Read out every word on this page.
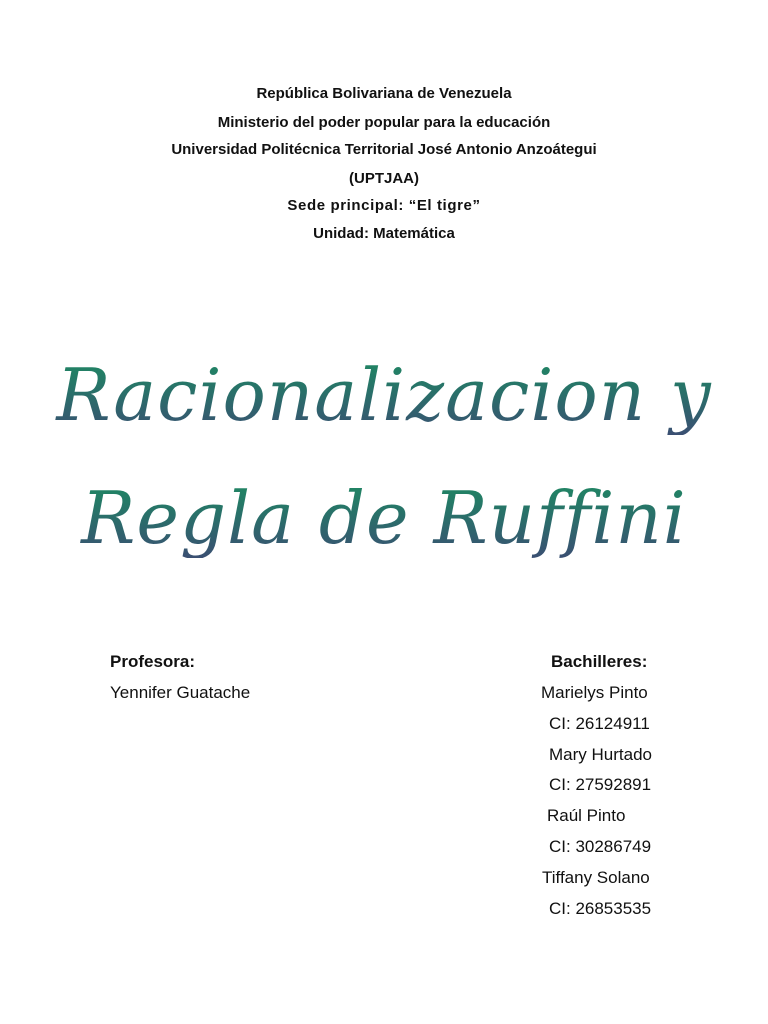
República Bolivariana de Venezuela
Ministerio del poder popular para la educación
Universidad Politécnica Territorial José Antonio Anzoátegui
(UPTJAA)
Sede principal: “El tigre”
Unidad: Matemática
Racionalizacion y
Regla de Ruffini
Profesora:
Yennifer Guatache
Bachilleres:
Marielys Pinto
CI: 26124911
Mary Hurtado
CI: 27592891
Raúl Pinto
CI: 30286749
Tiffany Solano
CI: 26853535
